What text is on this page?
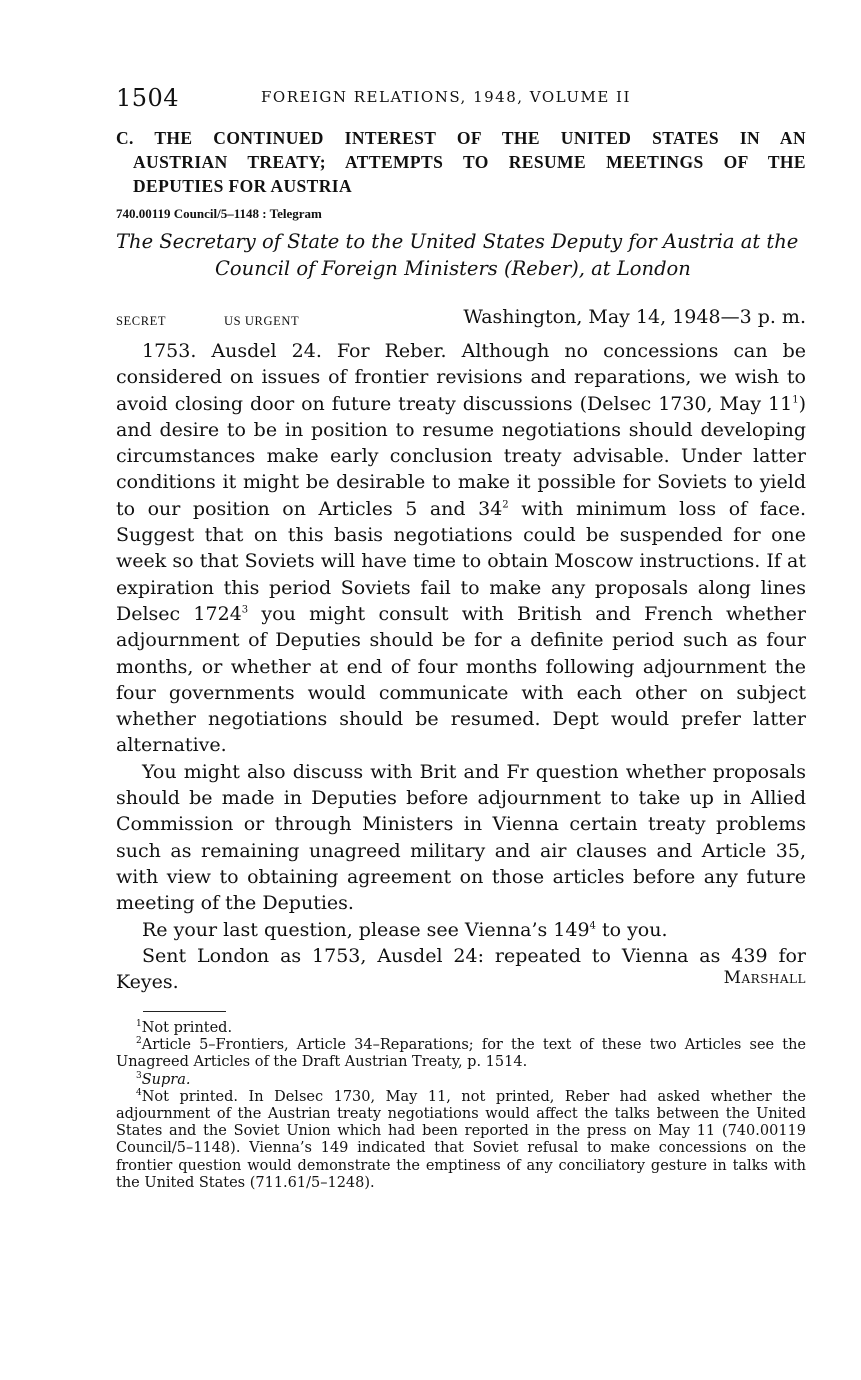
1504	FOREIGN RELATIONS, 1948, VOLUME II
C. THE CONTINUED INTEREST OF THE UNITED STATES IN AN
AUSTRIAN TREATY; ATTEMPTS TO RESUME MEETINGS OF THE
DEPUTIES FOR AUSTRIA
740.00119 Council/5–1148 : Telegram
The Secretary of State to the United States Deputy for Austria at the
Council of Foreign Ministers (Reber), at London
SECRET	US URGENT	Washington, May 14, 1948—3 p. m.

1753. Ausdel 24. For Reber. Although no concessions can be considered on issues of frontier revisions and reparations, we wish to avoid closing door on future treaty discussions (Delsec 1730, May $11^1$) and desire to be in position to resume negotiations should developing circumstances make early conclusion treaty advisable. Under latter conditions it might be desirable to make it possible for Soviets to yield to our position on Articles 5 and $34^2$ with minimum loss of face. Suggest that on this basis negotiations could be suspended for one week so that Soviets will have time to obtain Moscow instructions. If at expiration this period Soviets fail to make any proposals along lines Delsec 1724$^3$ you might consult with British and French whether adjournment of Deputies should be for a definite period such as four months, or whether at end of four months following adjournment the four governments would communicate with each other on subject whether negotiations should be resumed. Dept would prefer latter alternative.

You might also discuss with Brit and Fr question whether proposals should be made in Deputies before adjournment to take up in Allied Commission or through Ministers in Vienna certain treaty problems such as remaining unagreed military and air clauses and Article 35, with view to obtaining agreement on those articles before any future meeting of the Deputies.

Re your last question, please see Vienna’s $149^4$ to you.

Sent London as 1753, Ausdel 24: repeated to Vienna as 439 for Keyes.	Marshall

$^1$Not printed.

$^2$Article 5–Frontiers, Article 34–Reparations; for the text of these two Articles see the Unagreed Articles of the Draft Austrian Treaty, p. 1514.

$^3$Supra.

$^4$Not printed. In Delsec 1730, May 11, not printed, Reber had asked whether the adjournment of the Austrian treaty negotiations would affect the talks between the United States and the Soviet Union which had been reported in the press on May 11 (740.00119 Council/5–1148). Vienna’s 149 indicated that Soviet refusal to make concessions on the frontier question would demonstrate the emptiness of any conciliatory gesture in talks with the United States (711.61/5–1248).
